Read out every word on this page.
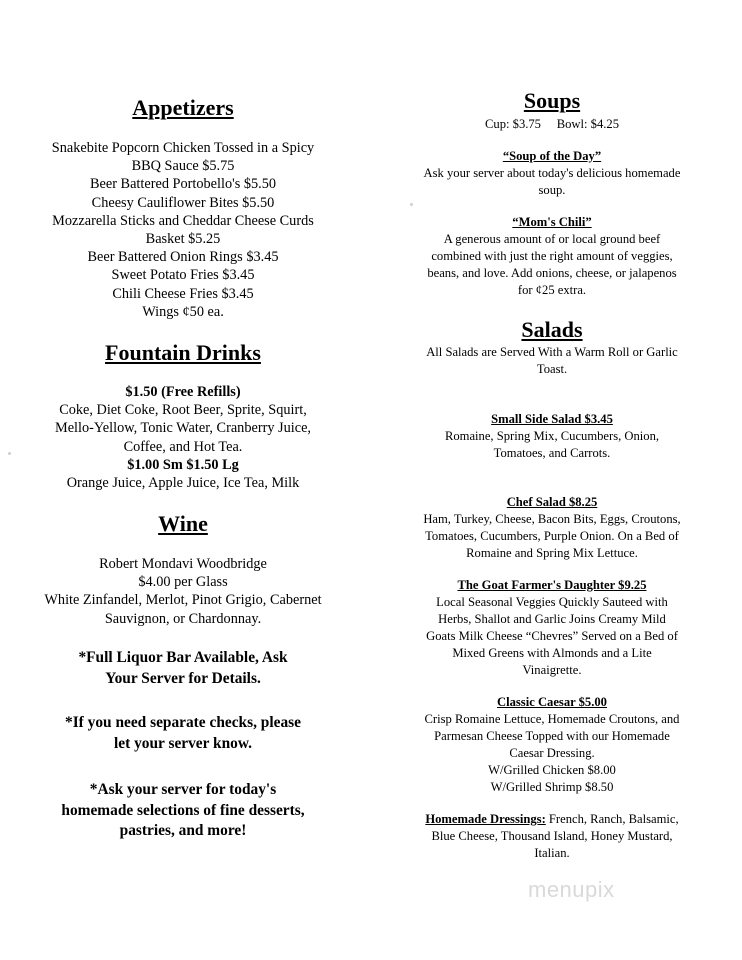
Appetizers
Snakebite Popcorn Chicken Tossed in a Spicy
BBQ Sauce $5.75
Beer Battered Portobello's $5.50
Cheesy Cauliflower Bites $5.50
Mozzarella Sticks and Cheddar Cheese Curds
Basket $5.25
Beer Battered Onion Rings $3.45
Sweet Potato Fries $3.45
Chili Cheese Fries $3.45
Wings ¢50 ea.
Fountain Drinks
$1.50 (Free Refills)
Coke, Diet Coke, Root Beer, Sprite, Squirt,
Mello-Yellow, Tonic Water, Cranberry Juice,
Coffee, and Hot Tea.
$1.00 Sm $1.50 Lg
Orange Juice, Apple Juice, Ice Tea, Milk
Wine
Robert Mondavi Woodbridge
$4.00 per Glass
White Zinfandel, Merlot, Pinot Grigio, Cabernet
Sauvignon, or Chardonnay.
*Full Liquor Bar Available, Ask
Your Server for Details.
*If you need separate checks, please
let your server know.
*Ask your server for today's
homemade selections of fine desserts,
pastries, and more!
Soups
Cup: $3.75     Bowl: $4.25
“Soup of the Day”
Ask your server about today's delicious homemade
soup.
“Mom's Chili”
A generous amount of or local ground beef
combined with just the right amount of veggies,
beans, and love. Add onions, cheese, or jalapenos
for ¢25 extra.
Salads
All Salads are Served With a Warm Roll or Garlic
Toast.
Small Side Salad $3.45
Romaine, Spring Mix, Cucumbers, Onion,
Tomatoes, and Carrots.
Chef Salad $8.25
Ham, Turkey, Cheese, Bacon Bits, Eggs, Croutons,
Tomatoes, Cucumbers, Purple Onion. On a Bed of
Romaine and Spring Mix Lettuce.
The Goat Farmer's Daughter $9.25
Local Seasonal Veggies Quickly Sauteed with
Herbs, Shallot and Garlic Joins Creamy Mild
Goats Milk Cheese “Chevres” Served on a Bed of
Mixed Greens with Almonds and a Lite
Vinaigrette.
Classic Caesar $5.00
Crisp Romaine Lettuce, Homemade Croutons, and
Parmesan Cheese Topped with our Homemade
Caesar Dressing.
W/Grilled Chicken $8.00
W/Grilled Shrimp $8.50
Homemade Dressings: French, Ranch, Balsamic,
Blue Cheese, Thousand Island, Honey Mustard,
Italian.
menupix
